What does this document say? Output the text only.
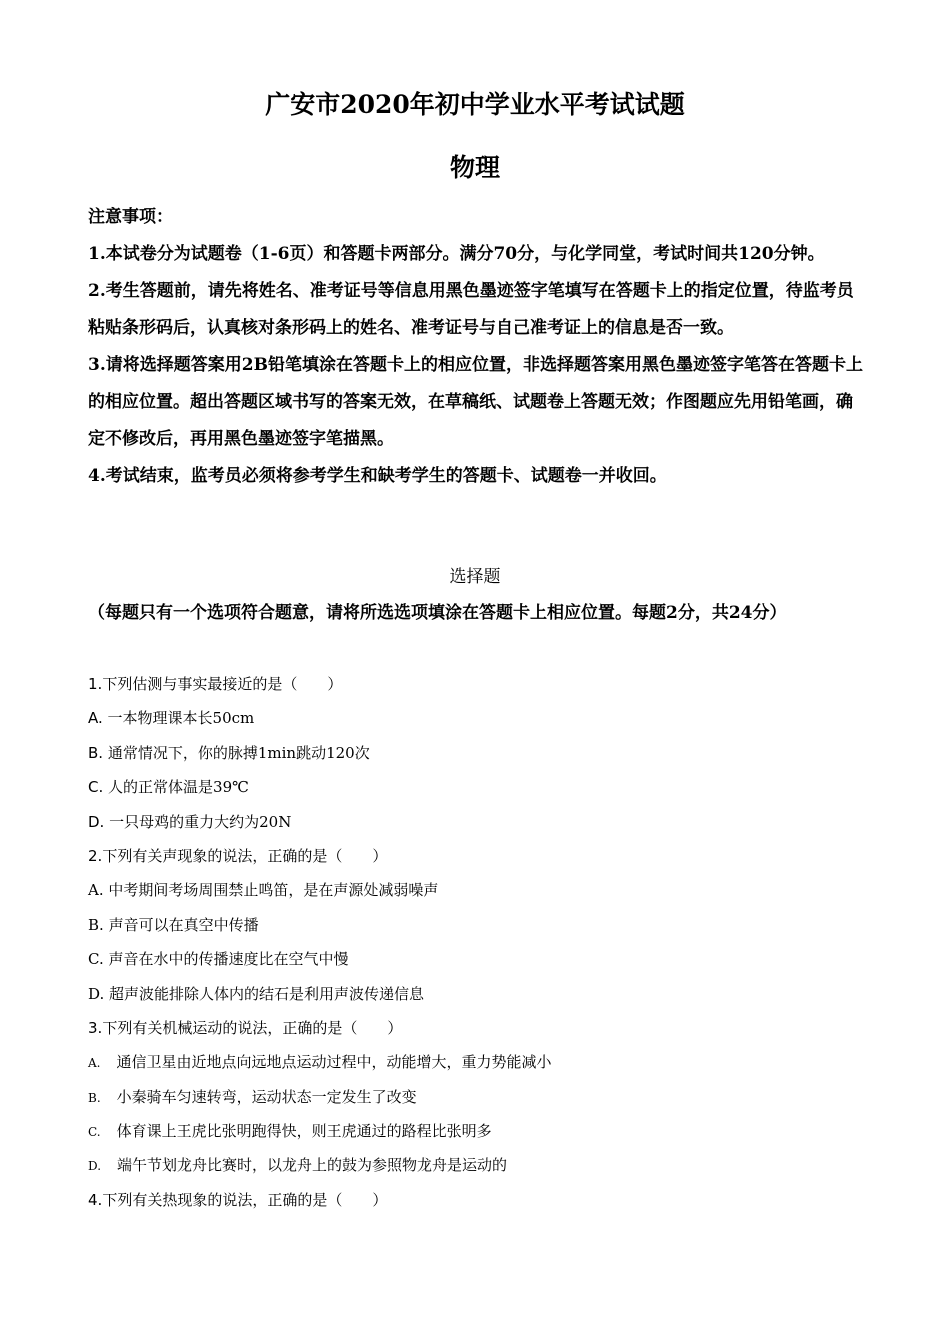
广安市2020年初中学业水平考试试题
物理
注意事项：

1.本试卷分为试题卷（1-6页）和答题卡两部分。满分70分，与化学同堂，考试时间共120分钟。

2.考生答题前，请先将姓名、准考证号等信息用黑色墨迹签字笔填写在答题卡上的指定位置，待监考员粘贴条形码后，认真核对条形码上的姓名、准考证号与自己准考证上的信息是否一致。

3.请将选择题答案用2B铅笔填涂在答题卡上的相应位置，非选择题答案用黑色墨迹签字笔答在答题卡上的相应位置。超出答题区域书写的答案无效，在草稿纸、试题卷上答题无效；作图题应先用铅笔画，确定不修改后，再用黑色墨迹签字笔描黑。

4.考试结束，监考员必须将参考学生和缺考学生的答题卡、试题卷一并收回。

选择题
（每题只有一个选项符合题意，请将所选选项填涂在答题卡上相应位置。每题2分，共24分）
1.下列估测与事实最接近的是（　　）
A. 一本物理课本长50cm
B. 通常情况下，你的脉搏1min跳动120次
C. 人的正常体温是39℃
D. 一只母鸡的重力大约为20N
2.下列有关声现象的说法，正确的是（　　）
A. 中考期间考场周围禁止鸣笛，是在声源处减弱噪声
B. 声音可以在真空中传播
C. 声音在水中的传播速度比在空气中慢
D. 超声波能排除人体内的结石是利用声波传递信息
3.下列有关机械运动的说法，正确的是（　　）
A. 通信卫星由近地点向远地点运动过程中，动能增大，重力势能减小
B. 小秦骑车匀速转弯，运动状态一定发生了改变
C. 体育课上王虎比张明跑得快，则王虎通过的路程比张明多
D. 端午节划龙舟比赛时，以龙舟上的鼓为参照物龙舟是运动的
4.下列有关热现象的说法，正确的是（　　）
